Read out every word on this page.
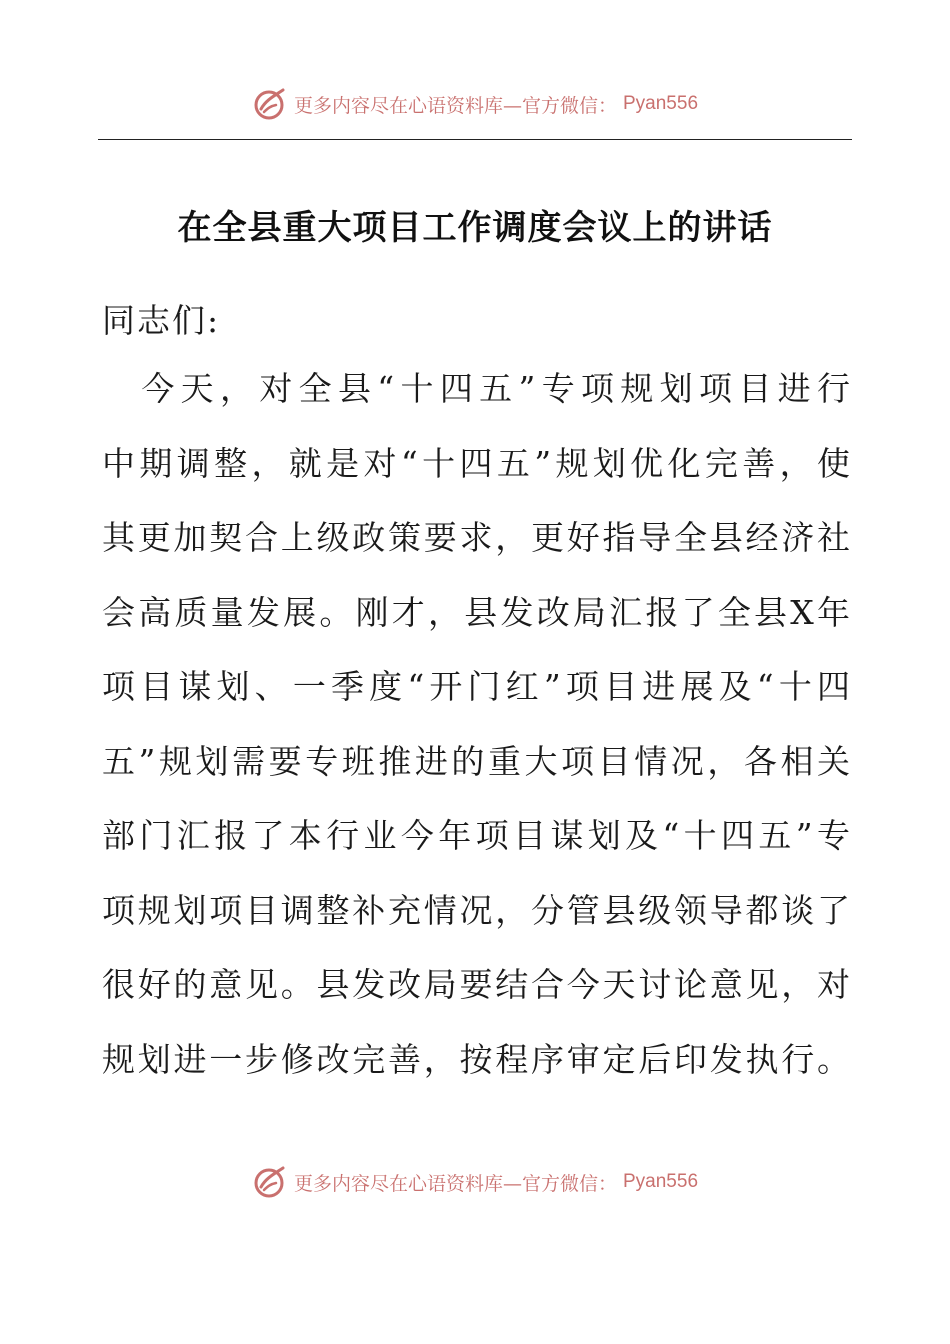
更多内容尽在心语资料库—官方微信： Pyan556
在全县重大项目工作调度会议上的讲话
同志们:
　今天，对全县“十四五”专项规划项目进行
中期调整，就是对“十四五”规划优化完善，使
其更加契合上级政策要求，更好指导全县经济社
会高质量发展。刚才，县发改局汇报了全县X年
项目谋划、一季度“开门红”项目进展及“十四
五”规划需要专班推进的重大项目情况，各相关
部门汇报了本行业今年项目谋划及“十四五”专
项规划项目调整补充情况，分管县级领导都谈了
很好的意见。县发改局要结合今天讨论意见，对
规划进一步修改完善，按程序审定后印发执行。
更多内容尽在心语资料库—官方微信： Pyan556
